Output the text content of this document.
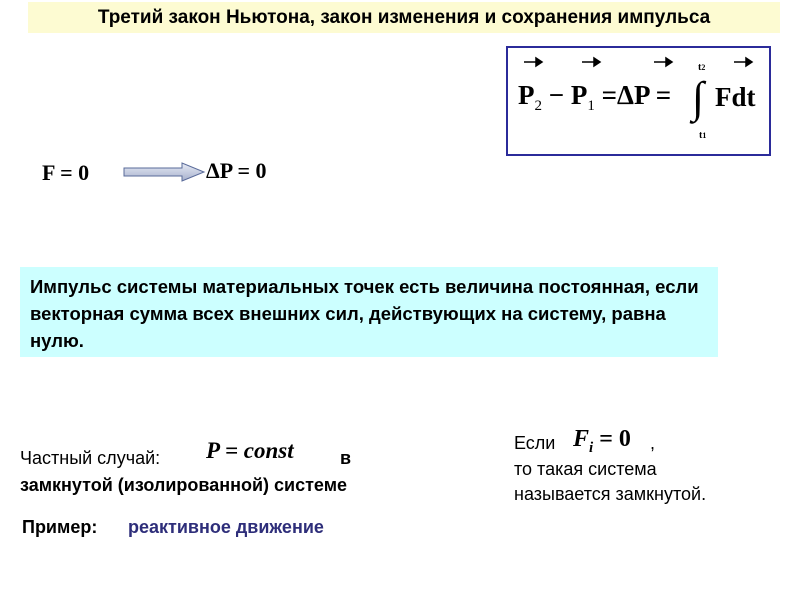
Третий закон Ньютона, закон изменения и сохранения импульса
$P_2 - P_1 =\Delta P$ = ∫ Fdt
t2
t1
F = 0	ΔP = 0
Импульс системы материальных точек есть величина постоянная, если векторная сумма всех внешних сил, действующих на систему, равна нулю.
Частный случай: P = const	в
замкнутой (изолированной) системе
Если $F_i = 0$ ,
то такая система
называется замкнутой.
Пример: реактивное движение
